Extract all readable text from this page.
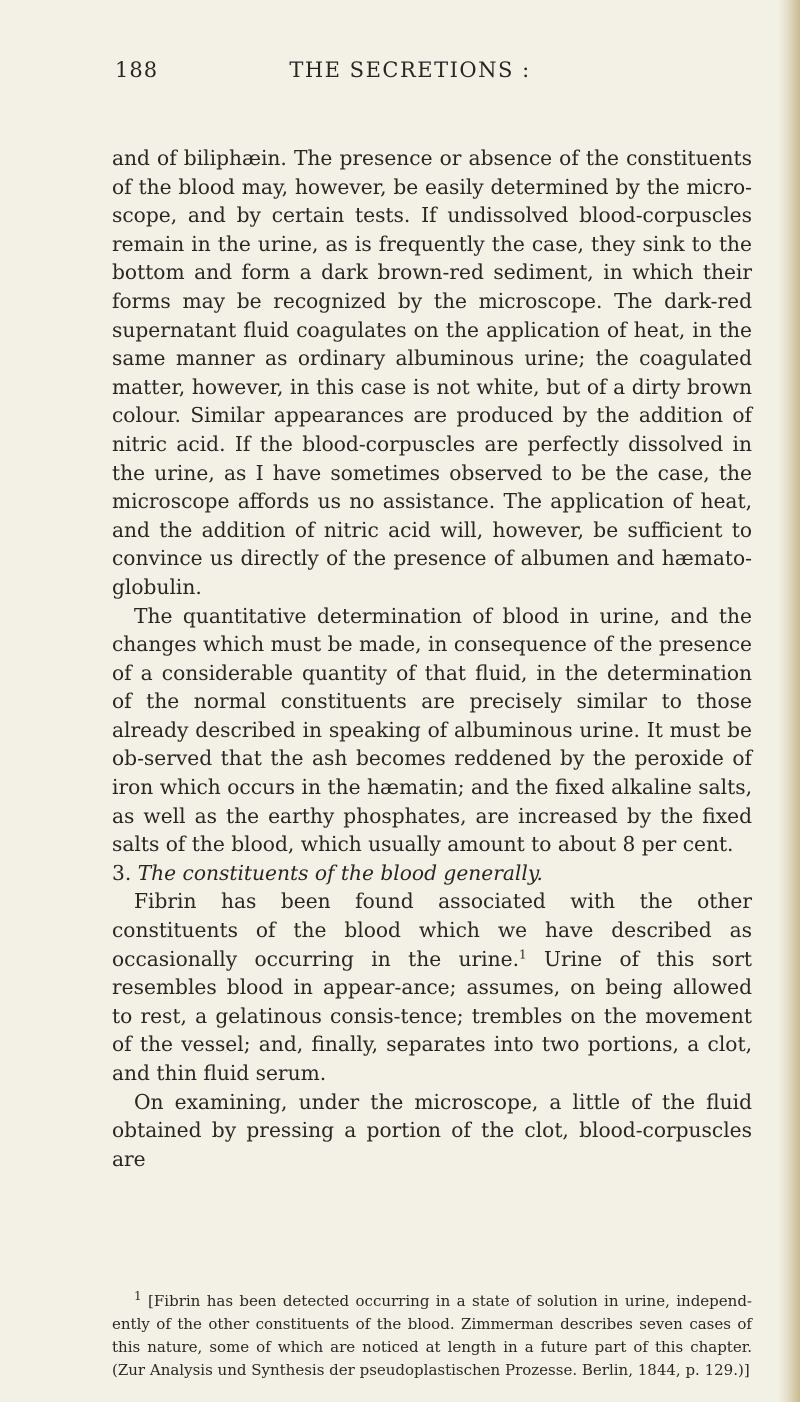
188	THE SECRETIONS :

and of biliphæin. The presence or absence of the constituents of the blood may, however, be easily determined by the micro-scope, and by certain tests. If undissolved blood-corpuscles remain in the urine, as is frequently the case, they sink to the bottom and form a dark brown-red sediment, in which their forms may be recognized by the microscope. The dark-red supernatant fluid coagulates on the application of heat, in the same manner as ordinary albuminous urine; the coagulated matter, however, in this case is not white, but of a dirty brown colour. Similar appearances are produced by the addition of nitric acid. If the blood-corpuscles are perfectly dissolved in the urine, as I have sometimes observed to be the case, the microscope affords us no assistance. The application of heat, and the addition of nitric acid will, however, be sufficient to convince us directly of the presence of albumen and hæmato-globulin.

The quantitative determination of blood in urine, and the changes which must be made, in consequence of the presence of a considerable quantity of that fluid, in the determination of the normal constituents are precisely similar to those already described in speaking of albuminous urine. It must be ob-served that the ash becomes reddened by the peroxide of iron which occurs in the hæmatin; and the fixed alkaline salts, as well as the earthy phosphates, are increased by the fixed salts of the blood, which usually amount to about 8 per cent.

3. The constituents of the blood generally.

Fibrin has been found associated with the other constituents of the blood which we have described as occasionally occurring in the urine.$^1$ Urine of this sort resembles blood in appear-ance; assumes, on being allowed to rest, a gelatinous consis-tence; trembles on the movement of the vessel; and, finally, separates into two portions, a clot, and thin fluid serum.

On examining, under the microscope, a little of the fluid obtained by pressing a portion of the clot, blood-corpuscles are

$^1$ [Fibrin has been detected occurring in a state of solution in urine, independ-ently of the other constituents of the blood. Zimmerman describes seven cases of this nature, some of which are noticed at length in a future part of this chapter. (Zur Analysis und Synthesis der pseudoplastischen Prozesse. Berlin, 1844, p. 129.)]
